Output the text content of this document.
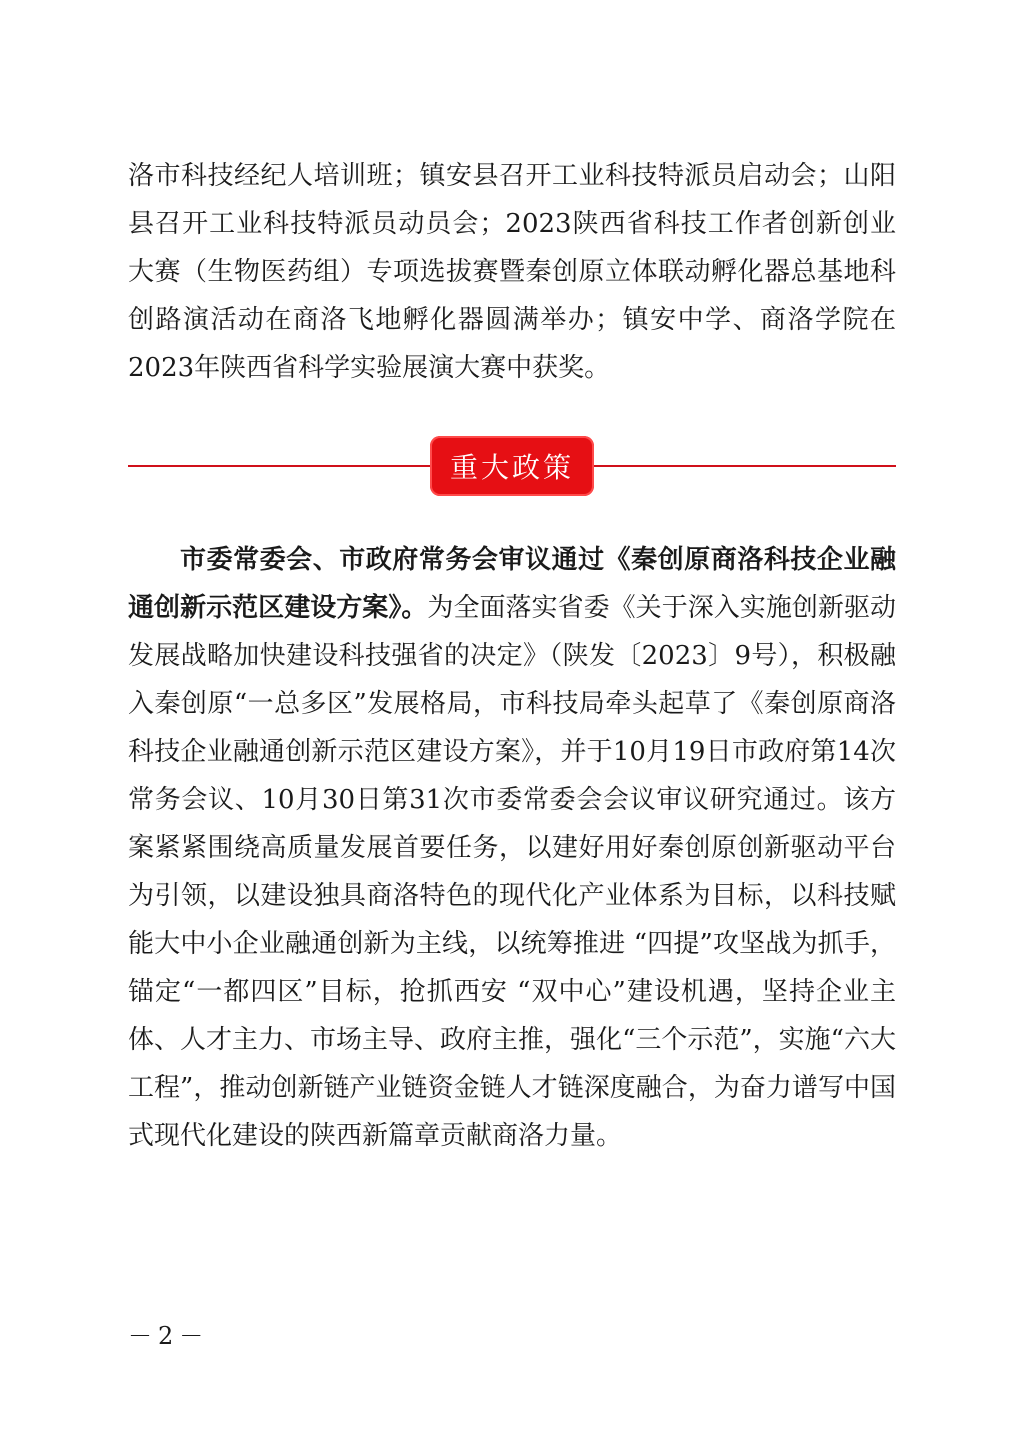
洛市科技经纪人培训班；镇安县召开工业科技特派员启动会；山阳县召开工业科技特派员动员会；2023陕西省科技工作者创新创业大赛（生物医药组）专项选拔赛暨秦创原立体联动孵化器总基地科创路演活动在商洛飞地孵化器圆满举办；镇安中学、商洛学院在2023年陕西省科学实验展演大赛中获奖。

重大政策

市委常委会、市政府常务会审议通过《秦创原商洛科技企业融通创新示范区建设方案》。为全面落实省委《关于深入实施创新驱动发展战略加快建设科技强省的决定》（陕发〔2023〕9号），积极融入秦创原“一总多区”发展格局，市科技局牵头起草了《秦创原商洛科技企业融通创新示范区建设方案》，并于10月19日市政府第14次常务会议、10月30日第31次市委常委会会议审议研究通过。该方案紧紧围绕高质量发展首要任务，以建好用好秦创原创新驱动平台为引领，以建设独具商洛特色的现代化产业体系为目标，以科技赋能大中小企业融通创新为主线，以统筹推进 “四提”攻坚战为抓手，锚定“一都四区”目标，抢抓西安 “双中心”建设机遇，坚持企业主体、人才主力、市场主导、政府主推，强化“三个示范”，实施“六大工程”，推动创新链产业链资金链人才链深度融合，为奋力谱写中国式现代化建设的陕西新篇章贡献商洛力量。

－2－
